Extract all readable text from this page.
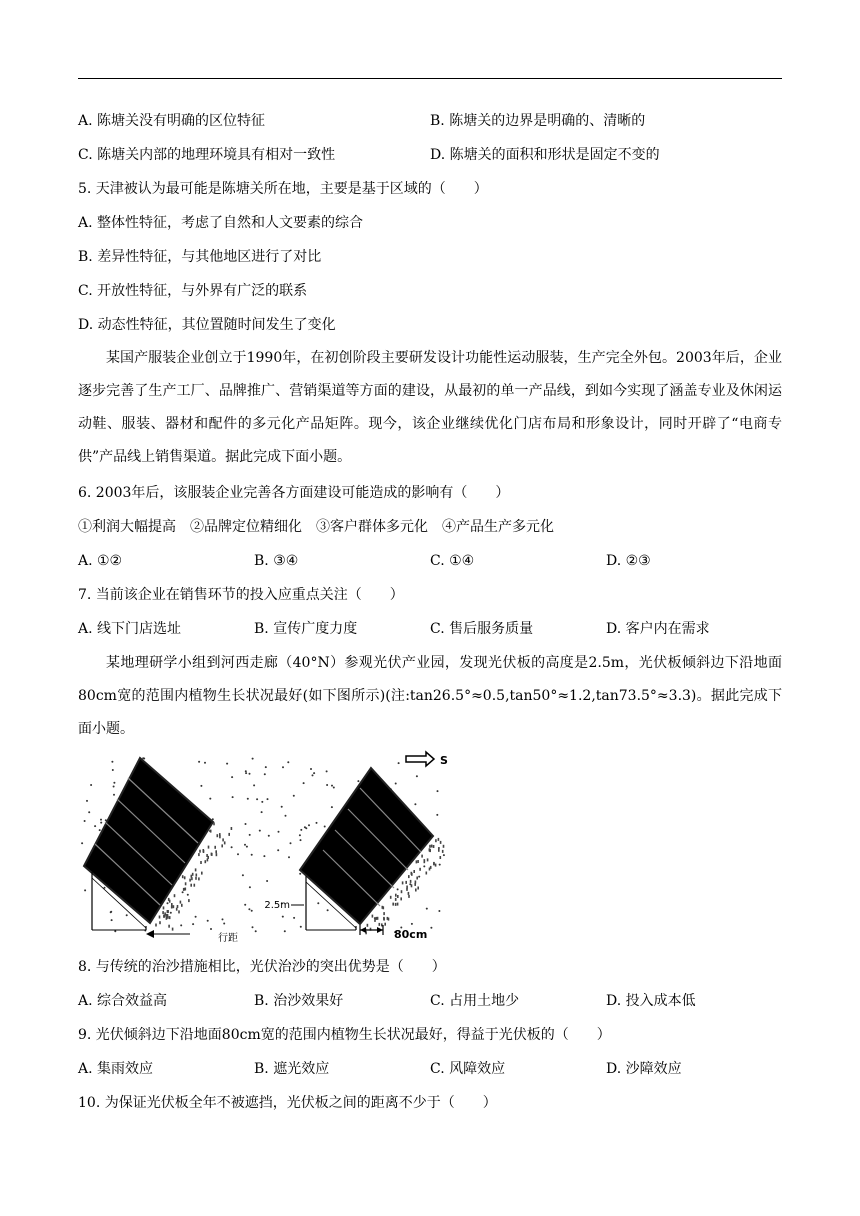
A. 陈塘关没有明确的区位特征	B. 陈塘关的边界是明确的、清晰的
C. 陈塘关内部的地理环境具有相对一致性	D. 陈塘关的面积和形状是固定不变的
5. 天津被认为最可能是陈塘关所在地，主要是基于区域的（　　）
A. 整体性特征，考虑了自然和人文要素的综合
B. 差异性特征，与其他地区进行了对比
C. 开放性特征，与外界有广泛的联系
D. 动态性特征，其位置随时间发生了变化

某国产服装企业创立于1990年，在初创阶段主要研发设计功能性运动服装，生产完全外包。2003年后，企业逐步完善了生产工厂、品牌推广、营销渠道等方面的建设，从最初的单一产品线，到如今实现了涵盖专业及休闲运动鞋、服装、器材和配件的多元化产品矩阵。现今，该企业继续优化门店布局和形象设计，同时开辟了“电商专供”产品线上销售渠道。据此完成下面小题。

6. 2003年后，该服装企业完善各方面建设可能造成的影响有（　　）
①利润大幅提高　②品牌定位精细化　③客户群体多元化　④产品生产多元化
A. ①②	B. ③④	C. ①④	D. ②③
7. 当前该企业在销售环节的投入应重点关注（　　）
A. 线下门店选址	B. 宣传广度力度	C. 售后服务质量	D. 客户内在需求

某地理研学小组到河西走廊（40°N）参观光伏产业园，发现光伏板的高度是2.5m，光伏板倾斜边下沿地面80cm宽的范围内植物生长状况最好(如下图所示)(注:tan26.5°≈0.5,tan50°≈1.2,tan73.5°≈3.3)。据此完成下面小题。

S
行距
2.5m
80cm
8. 与传统的治沙措施相比，光伏治沙的突出优势是（　　）
A. 综合效益高	B. 治沙效果好	C. 占用土地少	D. 投入成本低
9. 光伏倾斜边下沿地面80cm宽的范围内植物生长状况最好，得益于光伏板的（　　）
A. 集雨效应	B. 遮光效应	C. 风障效应	D. 沙障效应
10. 为保证光伏板全年不被遮挡，光伏板之间的距离不少于（　　）
